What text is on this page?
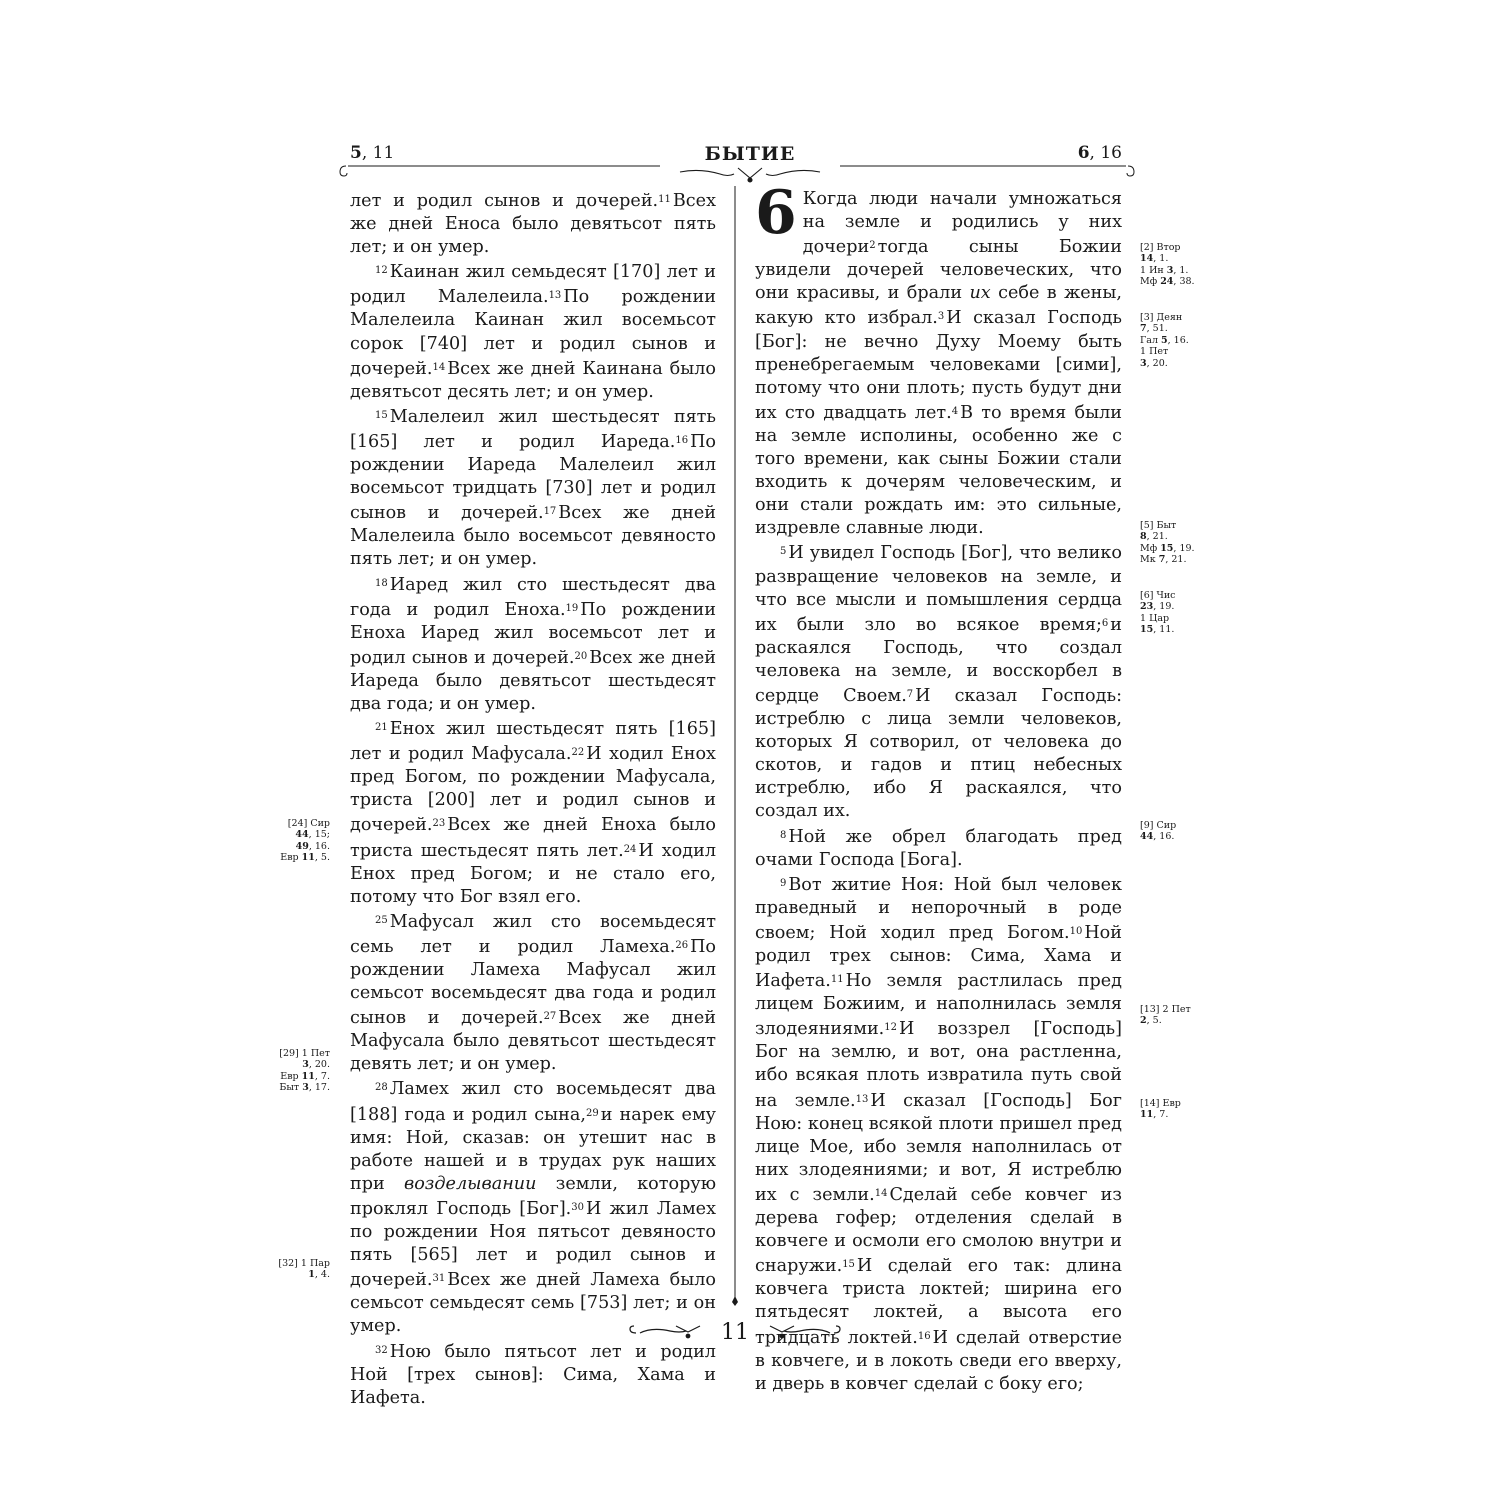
5, 11	БЫТИЕ	6, 16

лет и родил сынов и дочерей.$^{11}$ Всех же дней Еноса было девятьсот пять лет; и он умер.

$^{12}$ Каинан жил семьдесят [170] лет и родил Малелеила.$^{13}$ По рождении Малелеила Каинан жил восемьсот сорок [740] лет и родил сынов и дочерей.$^{14}$ Всех же дней Каинана было девятьсот десять лет; и он умер.

$^{15}$ Малелеил жил шестьдесят пять [165] лет и родил Иареда.$^{16}$ По рождении Иареда Малелеил жил восемьсот тридцать [730] лет и родил сынов и дочерей.$^{17}$ Всех же дней Малелеила было восемьсот девяносто пять лет; и он умер.

$^{18}$ Иаред жил сто шестьдесят два года и родил Еноха.$^{19}$ По рождении Еноха Иаред жил восемьсот лет и родил сынов и дочерей.$^{20}$ Всех же дней Иареда было девятьсот шестьдесят два года; и он умер.

$^{21}$ Енох жил шестьдесят пять [165] лет и родил Мафусала.$^{22}$ И ходил Енох пред Богом, по рождении Мафусала, триста [200] лет и родил сынов и дочерей.$^{23}$ Всех же дней Еноха было триста шестьдесят пять лет.$^{24}$ И ходил Енох пред Богом; и не стало его, потому что Бог взял его.

$^{25}$ Мафусал жил сто восемьдесят семь лет и родил Ламеха.$^{26}$ По рождении Ламеха Мафусал жил семьсот восемьдесят два года и родил сынов и дочерей.$^{27}$ Всех же дней Мафусала было девятьсот шестьдесят девять лет; и он умер.

$^{28}$ Ламех жил сто восемьдесят два [188] года и родил сына,$^{29}$ и нарек ему имя: Ной, сказав: он утешит нас в работе нашей и в трудах рук наших при возделывании земли, которую проклял Господь [Бог].$^{30}$ И жил Ламех по рождении Ноя пятьсот девяносто пять [565] лет и родил сынов и дочерей.$^{31}$ Всех же дней Ламеха было семьсот семьдесят семь [753] лет; и он умер.

$^{32}$ Ною было пятьсот лет и родил Ной [трех сынов]: Сима, Хама и Иафета.

6 Когда люди начали умножаться на земле и родились у них дочери$^2$ тогда сыны Божии увидели дочерей человеческих, что они красивы, и брали их себе в жены, какую кто избрал.$^3$ И сказал Господь [Бог]: не вечно Духу Моему быть пренебрегаемым человеками [сими], потому что они плоть; пусть будут дни их сто двадцать лет.$^4$ В то время были на земле исполины, особенно же с того времени, как сыны Божии стали входить к дочерям человеческим, и они стали рождать им: это сильные, издревле славные люди.

$^5$ И увидел Господь [Бог], что велико развращение человеков на земле, и что все мысли и помышления сердца их были зло во всякое время;$^6$ и раскаялся Господь, что создал человека на земле, и восскорбел в сердце Своем.$^7$ И сказал Господь: истреблю с лица земли человеков, которых Я сотворил, от человека до скотов, и гадов и птиц небесных истреблю, ибо Я раскаялся, что создал их.

$^8$ Ной же обрел благодать пред очами Господа [Бога].

$^9$ Вот житие Ноя: Ной был человек праведный и непорочный в роде своем; Ной ходил пред Богом.$^{10}$ Ной родил трех сынов: Сима, Хама и Иафета.$^{11}$ Но земля растлилась пред лицем Божиим, и наполнилась земля злодеяниями.$^{12}$ И воззрел [Господь] Бог на землю, и вот, она растленна, ибо всякая плоть извратила путь свой на земле.$^{13}$ И сказал [Господь] Бог Ною: конец всякой плоти пришел пред лице Мое, ибо земля наполнилась от них злодеяниями; и вот, Я истреблю их с земли.$^{14}$ Сделай себе ковчег из дерева гофер; отделения сделай в ковчеге и осмоли его смолою внутри и снаружи.$^{15}$ И сделай его так: длина ковчега триста локтей; ширина его пятьдесят локтей, а высота его тридцать локтей.$^{16}$ И сделай отверстие в ковчеге, и в локоть сведи его вверху, и дверь в ковчег сделай с боку его;

[24] Сир
44, 15;
49, 16.
Евр 11, 5.
[29] 1 Пет
3, 20.
Евр 11, 7.
Быт 3, 17.
[32] 1 Пар
1, 4.
[2] Втор
14, 1.
1 Ин 3, 1.
Мф 24, 38.
[3] Деян
7, 51.
Гал 5, 16.
1 Пет
3, 20.
[5] Быт
8, 21.
Мф 15, 19.
Мк 7, 21.
[6] Чис
23, 19.
1 Цар
15, 11.
[9] Сир
44, 16.
[13] 2 Пет
2, 5.
[14] Евр
11, 7.
11
